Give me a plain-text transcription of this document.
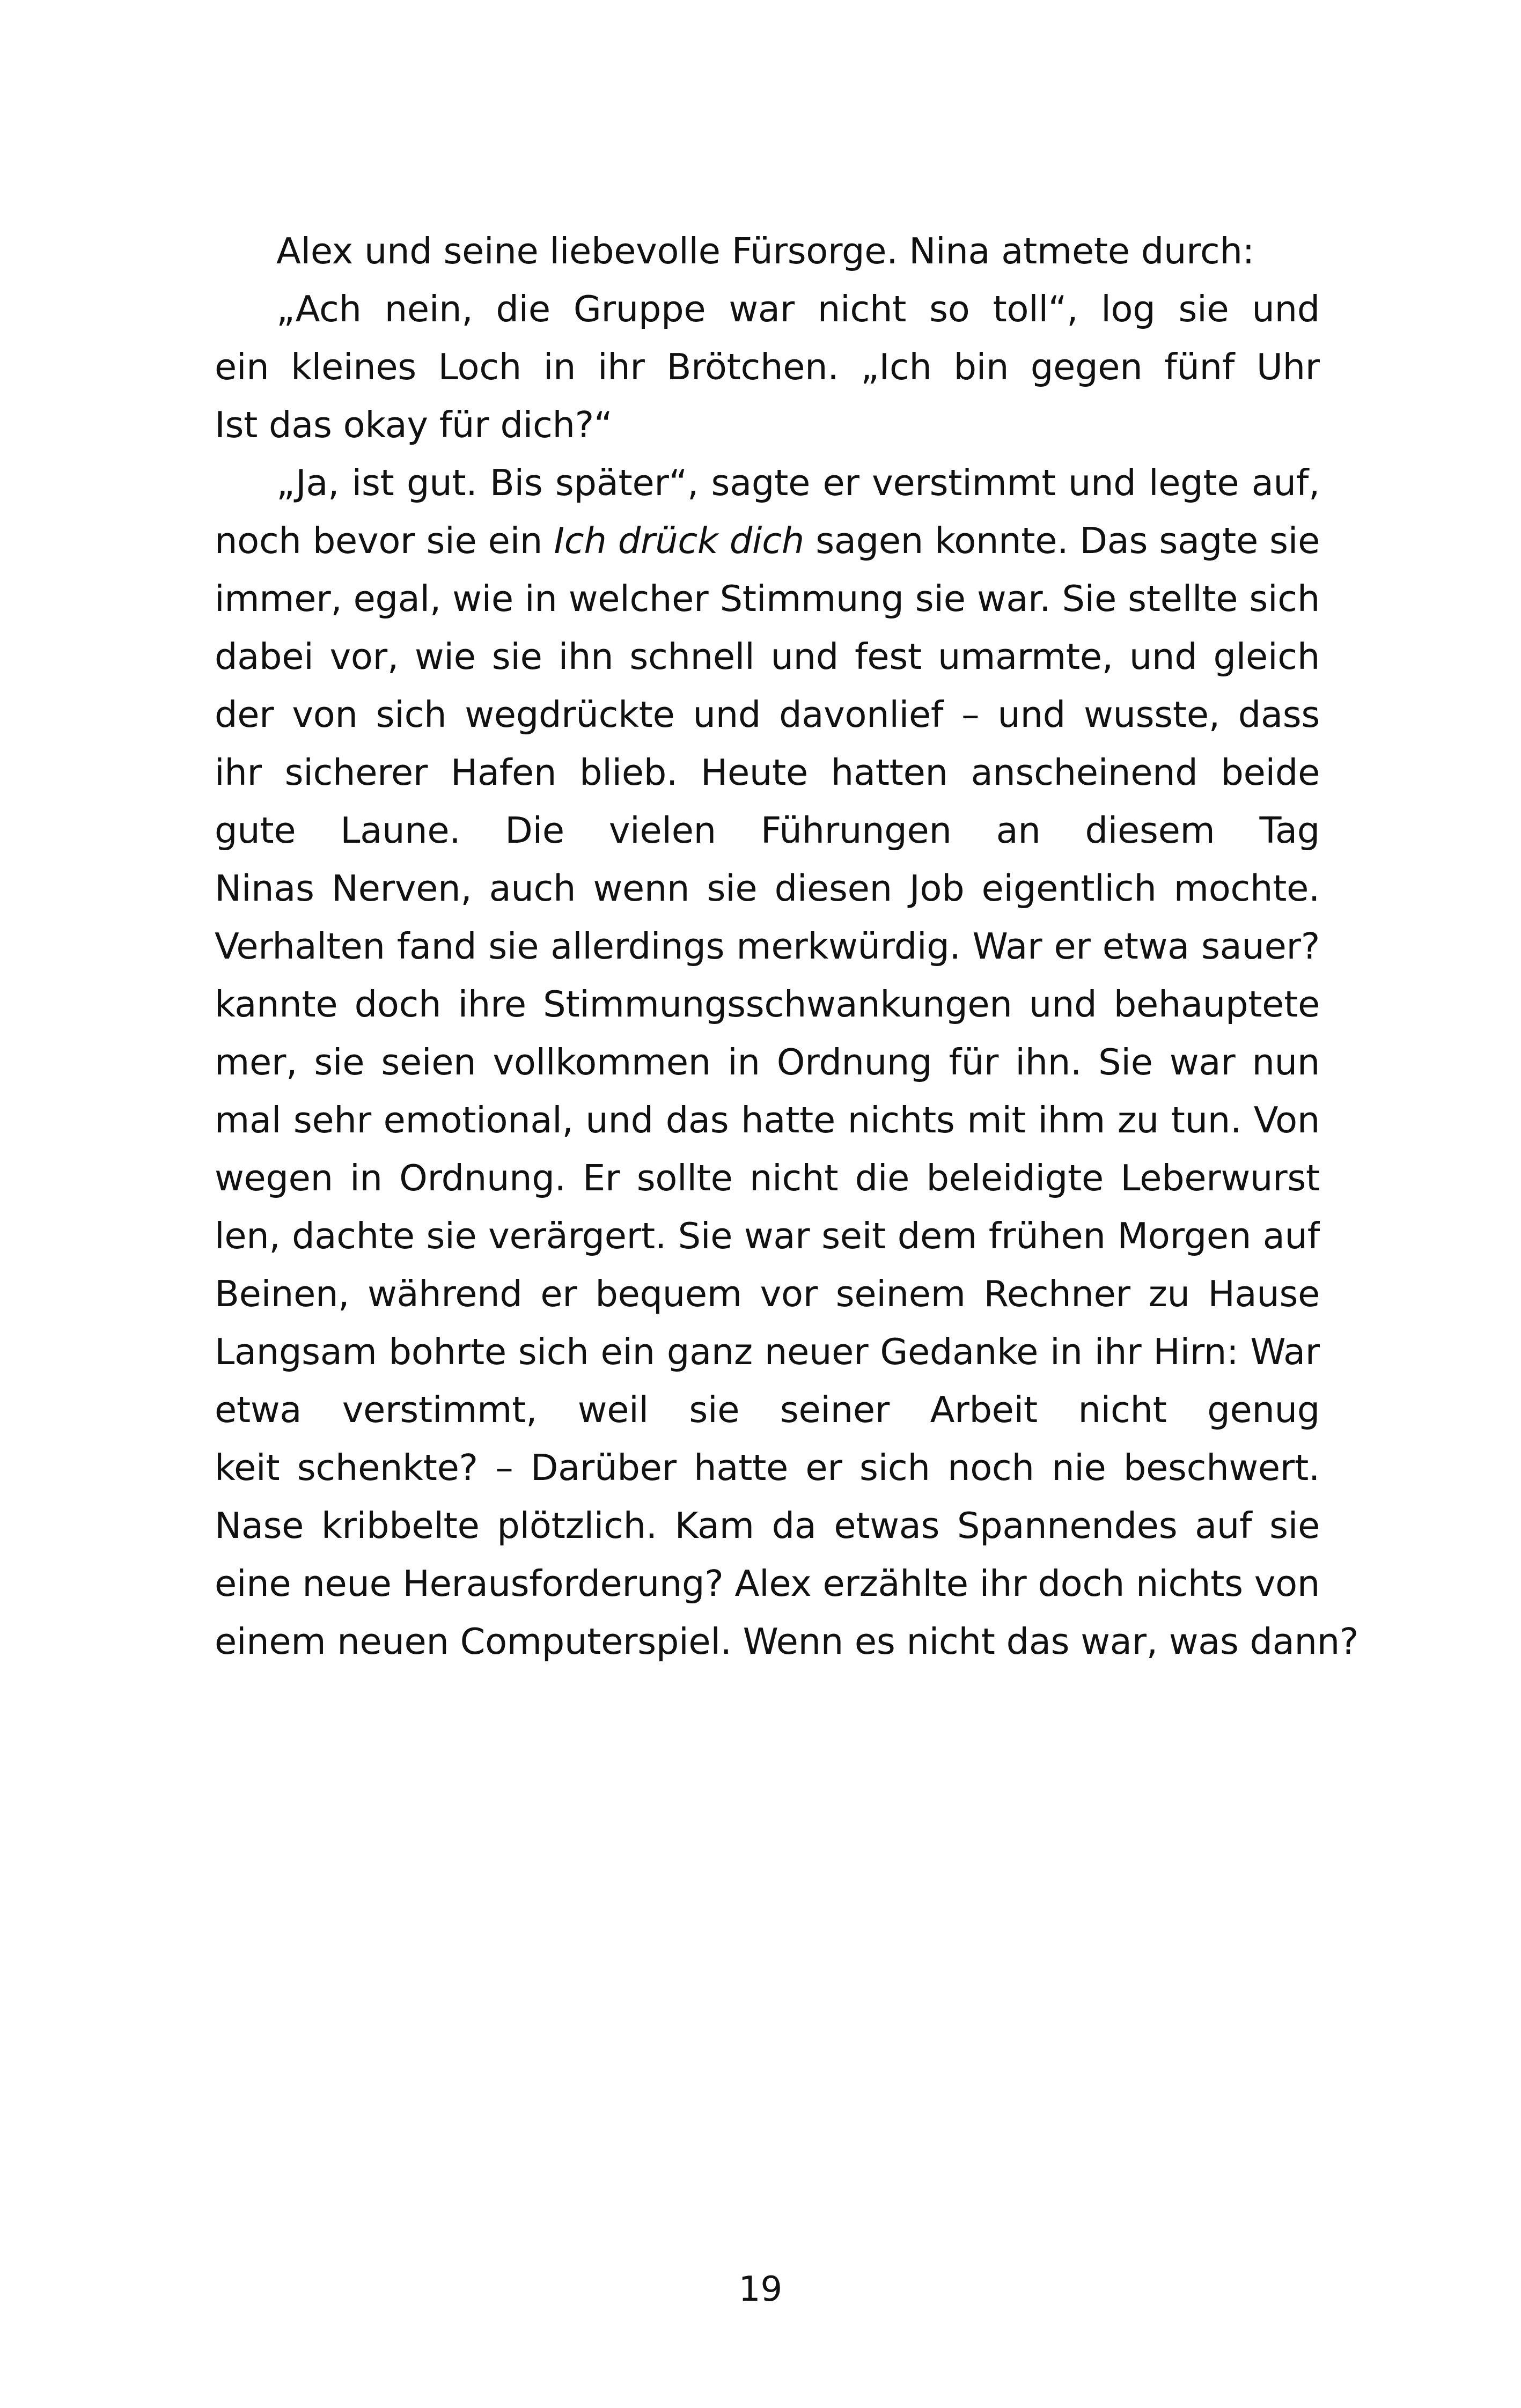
Alex und seine liebevolle Fürsorge. Nina atmete durch:
„Ach nein, die Gruppe war nicht so toll“, log sie und
ein kleines Loch in ihr Brötchen. „Ich bin gegen fünf Uhr
Ist das okay für dich?“
„Ja, ist gut. Bis später“, sagte er verstimmt und legte auf,
noch bevor sie ein Ich drück dich sagen konnte. Das sagte sie
immer, egal, wie in welcher Stimmung sie war. Sie stellte sich
dabei vor, wie sie ihn schnell und fest umarmte, und gleich
der von sich wegdrückte und davonlief – und wusste, dass
ihr sicherer Hafen blieb. Heute hatten anscheinend beide
gute Laune. Die vielen Führungen an diesem Tag
Ninas Nerven, auch wenn sie diesen Job eigentlich mochte.
Verhalten fand sie allerdings merkwürdig. War er etwa sauer?
kannte doch ihre Stimmungsschwankungen und behauptete
mer, sie seien vollkommen in Ordnung für ihn. Sie war nun
mal sehr emotional, und das hatte nichts mit ihm zu tun. Von
wegen in Ordnung. Er sollte nicht die beleidigte Leberwurst
len, dachte sie verärgert. Sie war seit dem frühen Morgen auf
Beinen, während er bequem vor seinem Rechner zu Hause
Langsam bohrte sich ein ganz neuer Gedanke in ihr Hirn: War
etwa verstimmt, weil sie seiner Arbeit nicht genug
keit schenkte? – Darüber hatte er sich noch nie beschwert.
Nase kribbelte plötzlich. Kam da etwas Spannendes auf sie
eine neue Herausforderung? Alex erzählte ihr doch nichts von
einem neuen Computerspiel. Wenn es nicht das war, was dann?
19
